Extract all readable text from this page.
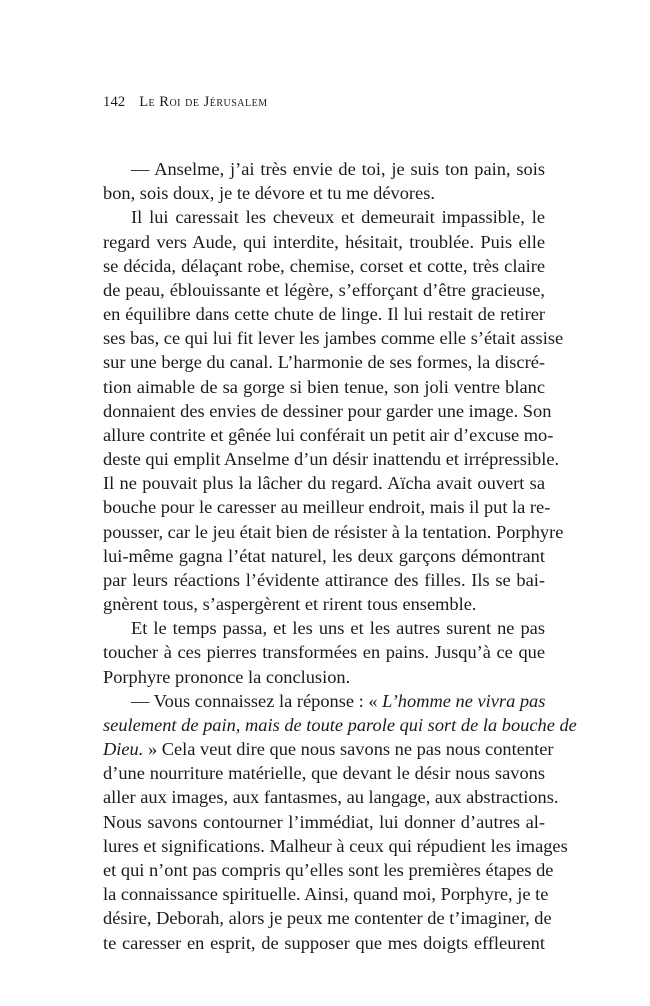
142 Le Roi de Jérusalem
— Anselme, j’ai très envie de toi, je suis ton pain, sois
bon, sois doux, je te dévore et tu me dévores.
Il lui caressait les cheveux et demeurait impassible, le
regard vers Aude, qui interdite, hésitait, troublée. Puis elle
se décida, délaçant robe, chemise, corset et cotte, très claire
de peau, éblouissante et légère, s’efforçant d’être gracieuse,
en équilibre dans cette chute de linge. Il lui restait de retirer
ses bas, ce qui lui fit lever les jambes comme elle s’était assise
sur une berge du canal. L’harmonie de ses formes, la discré-
tion aimable de sa gorge si bien tenue, son joli ventre blanc
donnaient des envies de dessiner pour garder une image. Son
allure contrite et gênée lui conférait un petit air d’excuse mo-
deste qui emplit Anselme d’un désir inattendu et irrépressible.
Il ne pouvait plus la lâcher du regard. Aïcha avait ouvert sa
bouche pour le caresser au meilleur endroit, mais il put la re-
pousser, car le jeu était bien de résister à la tentation. Porphyre
lui-même gagna l’état naturel, les deux garçons démontrant
par leurs réactions l’évidente attirance des filles. Ils se bai-
gnèrent tous, s’aspergèrent et rirent tous ensemble.
Et le temps passa, et les uns et les autres surent ne pas
toucher à ces pierres transformées en pains. Jusqu’à ce que
Porphyre prononce la conclusion.
— Vous connaissez la réponse : « L’homme ne vivra pas
seulement de pain, mais de toute parole qui sort de la bouche de
Dieu. » Cela veut dire que nous savons ne pas nous contenter
d’une nourriture matérielle, que devant le désir nous savons
aller aux images, aux fantasmes, au langage, aux abstractions.
Nous savons contourner l’immédiat, lui donner d’autres al-
lures et significations. Malheur à ceux qui répudient les images
et qui n’ont pas compris qu’elles sont les premières étapes de
la connaissance spirituelle. Ainsi, quand moi, Porphyre, je te
désire, Deborah, alors je peux me contenter de t’imaginer, de
te caresser en esprit, de supposer que mes doigts effleurent
